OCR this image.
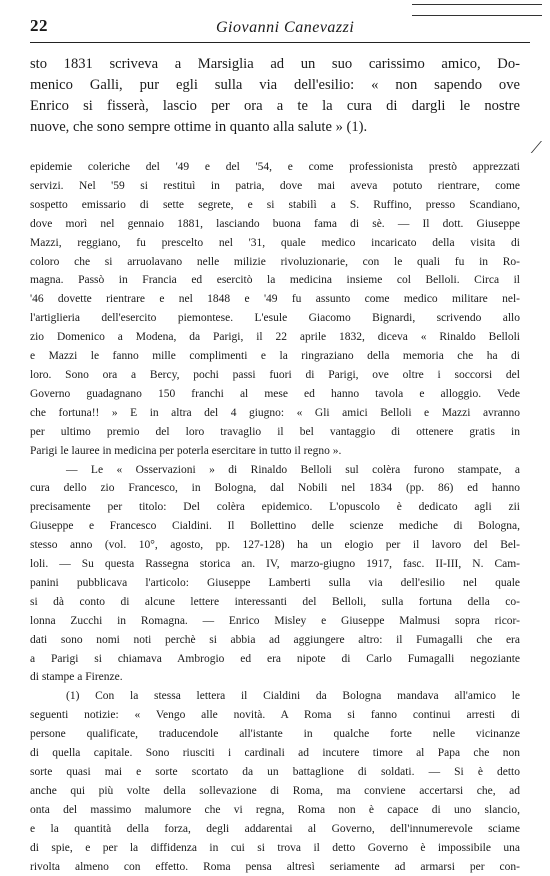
22	Giovanni Canevazzi
sto 1831 scriveva a Marsiglia ad un suo carissimo amico, Do-
menico Galli, pur egli sulla via dell'esilio: « non sapendo ove
Enrico si fisserà, lascio per ora a te la cura di dargli le nostre
nuove, che sono sempre ottime in quanto alla salute » (1).
⟋
epidemie coleriche del '49 e del '54, e come professionista prestò apprezzati
servizi. Nel '59 si restituì in patria, dove mai aveva potuto rientrare, come
sospetto emissario di sette segrete, e si stabilì a S. Ruffino, presso Scandiano,
dove morì nel gennaio 1881, lasciando buona fama di sè. — Il dott. Giuseppe
Mazzi, reggiano, fu prescelto nel '31, quale medico incaricato della visita di
coloro che si arruolavano nelle milizie rivoluzionarie, con le quali fu in Ro-
magna. Passò in Francia ed esercitò la medicina insieme col Belloli. Circa il
'46 dovette rientrare e nel 1848 e '49 fu assunto come medico militare nel-
l'artiglieria dell'esercito piemontese. L'esule Giacomo Bignardi, scrivendo allo
zio Domenico a Modena, da Parigi, il 22 aprile 1832, diceva « Rinaldo Belloli
e Mazzi le fanno mille complimenti e la ringraziano della memoria che ha di
loro. Sono ora a Bercy, pochi passi fuori di Parigi, ove oltre i soccorsi del
Governo guadagnano 150 franchi al mese ed hanno tavola e alloggio. Vede
che fortuna!! » E in altra del 4 giugno: « Gli amici Belloli e Mazzi avranno
per ultimo premio del loro travaglio il bel vantaggio di ottenere gratis in
Parigi le lauree in medicina per poterla esercitare in tutto il regno ».
— Le « Osservazioni » di Rinaldo Belloli sul colèra furono stampate, a
cura dello zio Francesco, in Bologna, dal Nobili nel 1834 (pp. 86) ed hanno
precisamente per titolo: Del colèra epidemico. L'opuscolo è dedicato agli zii
Giuseppe e Francesco Cialdini. Il Bollettino delle scienze mediche di Bologna,
stesso anno (vol. 10°, agosto, pp. 127-128) ha un elogio per il lavoro del Bel-
loli. — Su questa Rassegna storica an. IV, marzo-giugno 1917, fasc. II-III, N. Cam-
panini pubblicava l'articolo: Giuseppe Lamberti sulla via dell'esilio nel quale
si dà conto di alcune lettere interessanti del Belloli, sulla fortuna della co-
lonna Zucchi in Romagna. — Enrico Misley e Giuseppe Malmusi sopra ricor-
dati sono nomi noti perchè si abbia ad aggiungere altro: il Fumagalli che era
a Parigi si chiamava Ambrogio ed era nipote di Carlo Fumagalli negoziante
di stampe a Firenze.
(1) Con la stessa lettera il Cialdini da Bologna mandava all'amico le
seguenti notizie: « Vengo alle novità. A Roma si fanno continui arresti di
persone qualificate, traducendole all'istante in qualche forte nelle vicinanze
di quella capitale. Sono riusciti i cardinali ad incutere timore al Papa che non
sorte quasi mai e sorte scortato da un battaglione di soldati. — Si è detto
anche qui più volte della sollevazione di Roma, ma conviene accertarsi che, ad
onta del massimo malumore che vi regna, Roma non è capace di uno slancio,
e la quantità della forza, degli addarentai al Governo, dell'innumerevole sciame
di spie, e per la diffidenza in cui si trova il detto Governo è impossibile una
rivolta almeno con effetto. Roma pensa altresì seriamente ad armarsi per con-
